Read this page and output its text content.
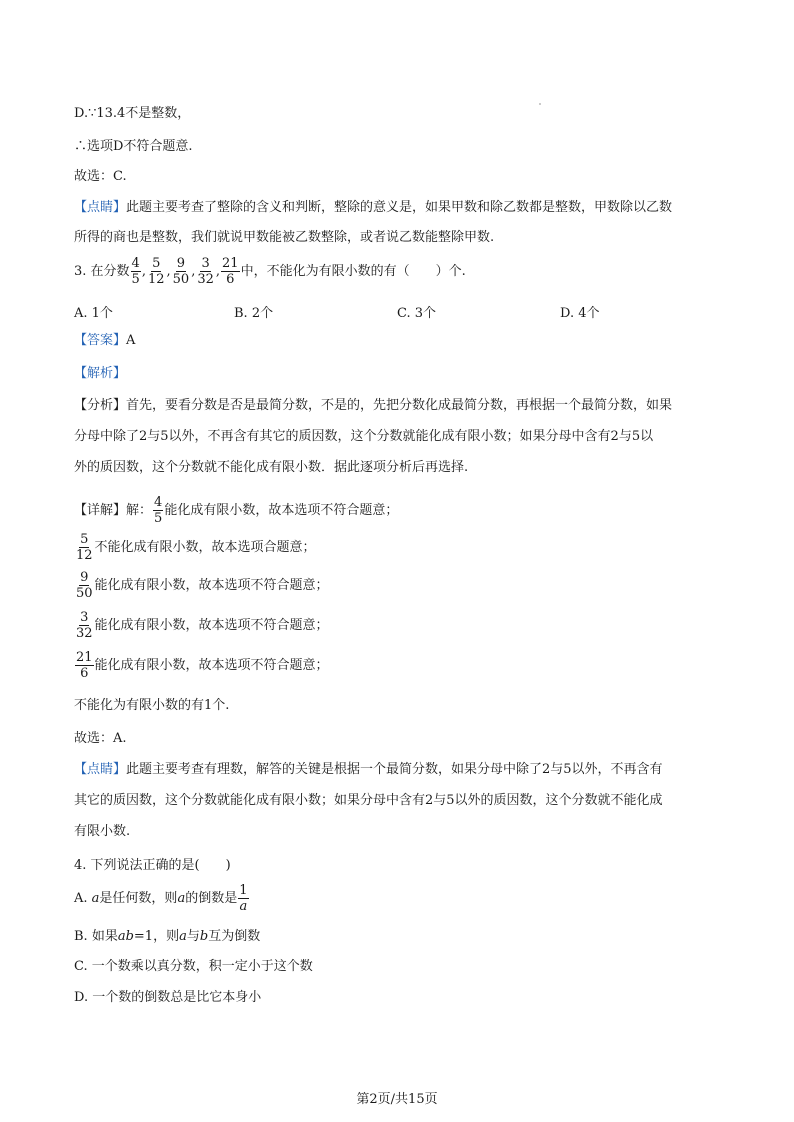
D.∵13.4不是整数，
∴选项D不符合题意.
故选：C.
【点睛】此题主要考查了整除的含义和判断，整除的意义是，如果甲数和除乙数都是整数，甲数除以乙数
所得的商也是整数，我们就说甲数能被乙数整除，或者说乙数能整除甲数.
3. 在分数 $\frac{4}{5}$ , $\frac{5}{12}$ , $\frac{9}{50}$ , $\frac{3}{32}$ , $\frac{21}{6}$ 中，不能化为有限小数的有（　　）个.
A. 1个	B. 2个	C. 3个	D. 4个
【答案】A
【解析】
【分析】首先，要看分数是否是最简分数，不是的，先把分数化成最简分数，再根据一个最简分数，如果
分母中除了2与5以外，不再含有其它的质因数，这个分数就能化成有限小数；如果分母中含有2与5以
外的质因数，这个分数就不能化成有限小数．据此逐项分析后再选择.
【详解】解： $\frac{4}{5}$ 能化成有限小数，故本选项不符合题意；
$\frac{5}{12}$ 不能化成有限小数，故本选项合题意；
$\frac{9}{50}$ 能化成有限小数，故本选项不符合题意；
$\frac{3}{32}$ 能化成有限小数，故本选项不符合题意；
$\frac{21}{6}$ 能化成有限小数，故本选项不符合题意；
不能化为有限小数的有1个.
故选：A.
【点睛】此题主要考查有理数，解答的关键是根据一个最简分数，如果分母中除了2与5以外，不再含有
其它的质因数，这个分数就能化成有限小数；如果分母中含有2与5以外的质因数，这个分数就不能化成
有限小数.
4. 下列说法正确的是(　　)
A. a是任何数，则a的倒数是 $\frac{1}{a}$
B. 如果ab=1，则a与b互为倒数
C. 一个数乘以真分数，积一定小于这个数
D. 一个数的倒数总是比它本身小
第2页/共15页
